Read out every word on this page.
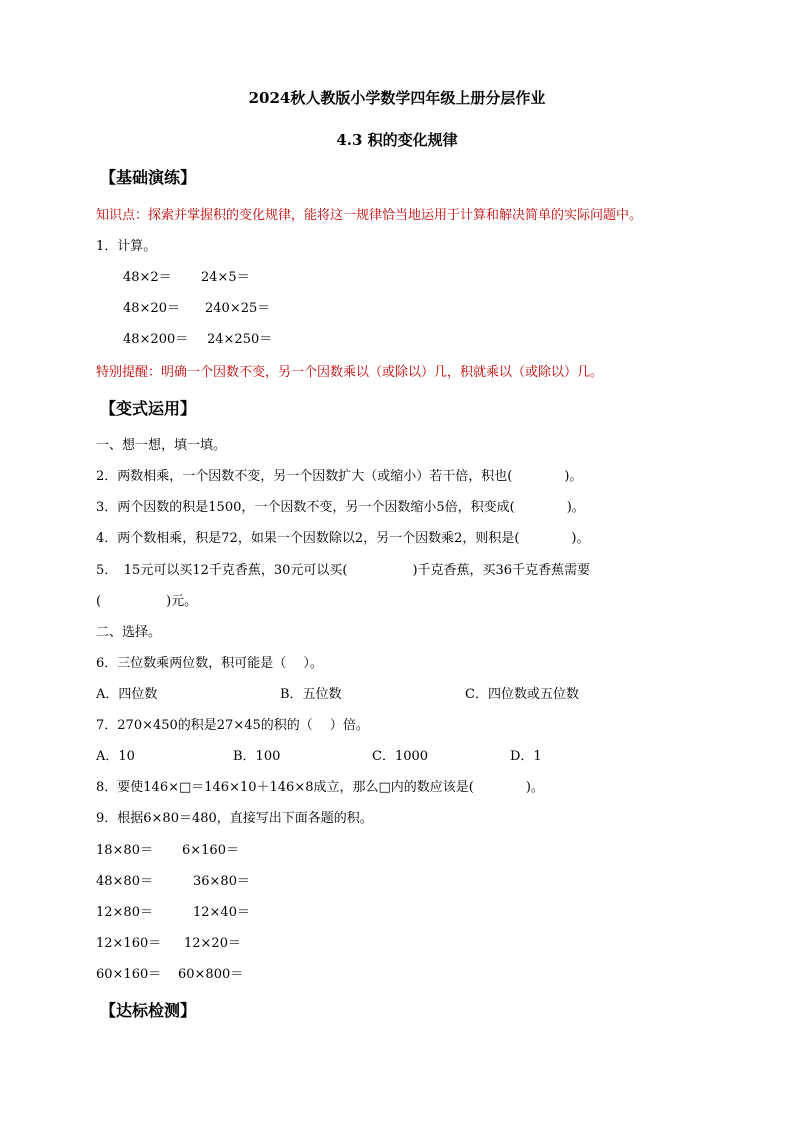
2024秋人教版小学数学四年级上册分层作业
4.3 积的变化规律
【基础演练】
知识点：探索并掌握积的变化规律，能将这一规律恰当地运用于计算和解决简单的实际问题中。
1．计算。
48×2＝ 24×5＝
48×20＝ 240×25＝
48×200＝ 24×250＝
特别提醒：明确一个因数不变，另一个因数乘以（或除以）几，积就乘以（或除以）几。
【变式运用】
一、想一想，填一填。
2．两数相乘，一个因数不变，另一个因数扩大（或缩小）若干倍，积也(　　　　)。
3．两个因数的积是1500，一个因数不变，另一个因数缩小5倍，积变成(　　　　)。
4．两个数相乘，积是72，如果一个因数除以2，另一个因数乘2，则积是(　　　　)。
5．　15元可以买12千克香蕉，30元可以买(　　　　　)千克香蕉，买36千克香蕉需要
(　　　　　)元。
二、选择。
6．三位数乘两位数，积可能是（　 ）。
A．四位数	B．五位数	C．四位数或五位数
7．270×450的积是27×45的积的（　 ）倍。
A．10	B．100	C．1000	D．1
8．要使146×□＝146×10＋146×8成立，那么□内的数应该是(　　　　)。
9．根据6×80＝480，直接写出下面各题的积。
18×80＝ 6×160＝
48×80＝	36×80＝
12×80＝	12×40＝
12×160＝ 12×20＝
60×160＝ 60×800＝
【达标检测】
